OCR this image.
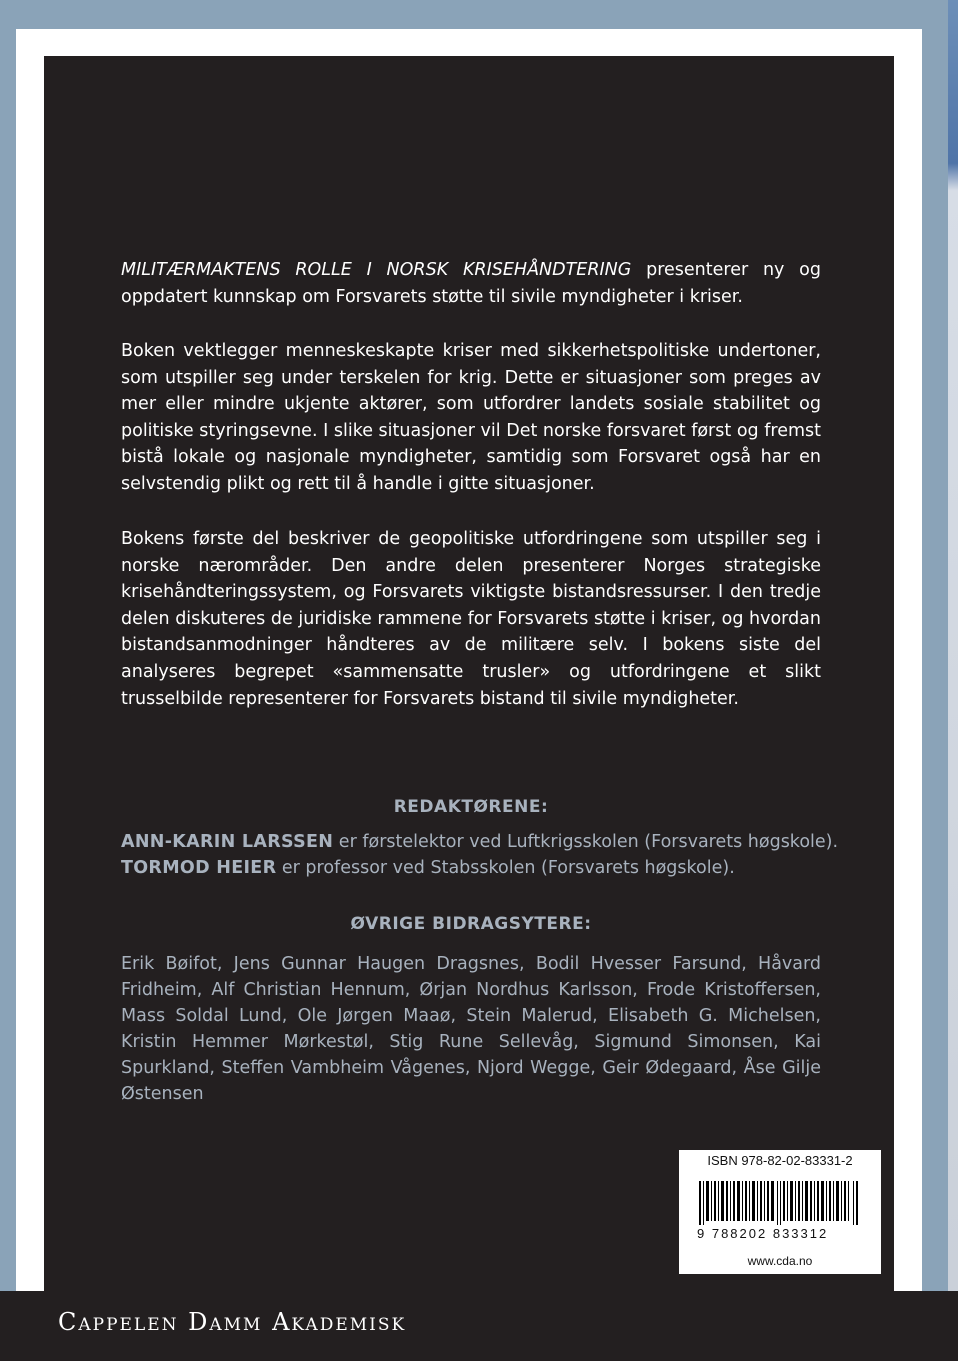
MILITÆRMAKTENS ROLLE I NORSK KRISEHÅNDTERING presenterer ny og oppdatert kunnskap om Forsvarets støtte til sivile myndigheter i kriser.

Boken vektlegger menneskeskapte kriser med sikkerhetspolitiske undertoner, som utspiller seg under terskelen for krig. Dette er situasjoner som preges av mer eller mindre ukjente aktører, som utfordrer landets sosiale stabilitet og politiske styringsevne. I slike situasjoner vil Det norske forsvaret først og fremst bistå lokale og nasjonale myndigheter, samtidig som Forsvaret også har en selvstendig plikt og rett til å handle i gitte situasjoner.

Bokens første del beskriver de geopolitiske utfordringene som utspiller seg i norske nærområder. Den andre delen presenterer Norges strategiske krisehåndteringssystem, og Forsvarets viktigste bistandsressurser. I den tredje delen diskuteres de juridiske rammene for Forsvarets støtte i kriser, og hvordan bistandsanmodninger håndteres av de militære selv. I bokens siste del analyseres begrepet «sammensatte trusler» og utfordringene et slikt trusselbilde representerer for Forsvarets bistand til sivile myndigheter.

REDAKTØRENE:
ANN-KARIN LARSSEN er førstelektor ved Luftkrigsskolen (Forsvarets høgskole).
TORMOD HEIER er professor ved Stabsskolen (Forsvarets høgskole).
ØVRIGE BIDRAGSYTERE:
Erik Bøifot, Jens Gunnar Haugen Dragsnes, Bodil Hvesser Farsund, Håvard Fridheim, Alf Christian Hennum, Ørjan Nordhus Karlsson, Frode Kristoffersen, Mass Soldal Lund, Ole Jørgen Maaø, Stein Malerud, Elisabeth G. Michelsen, Kristin Hemmer Mørkestøl, Stig Rune Sellevåg, Sigmund Simonsen, Kai Spurkland, Steffen Vambheim Vågenes, Njord Wegge, Geir Ødegaard, Åse Gilje Østensen
ISBN 978-82-02-83331-2
9 788202 833312
www.cda.no
Cappelen Damm Akademisk
